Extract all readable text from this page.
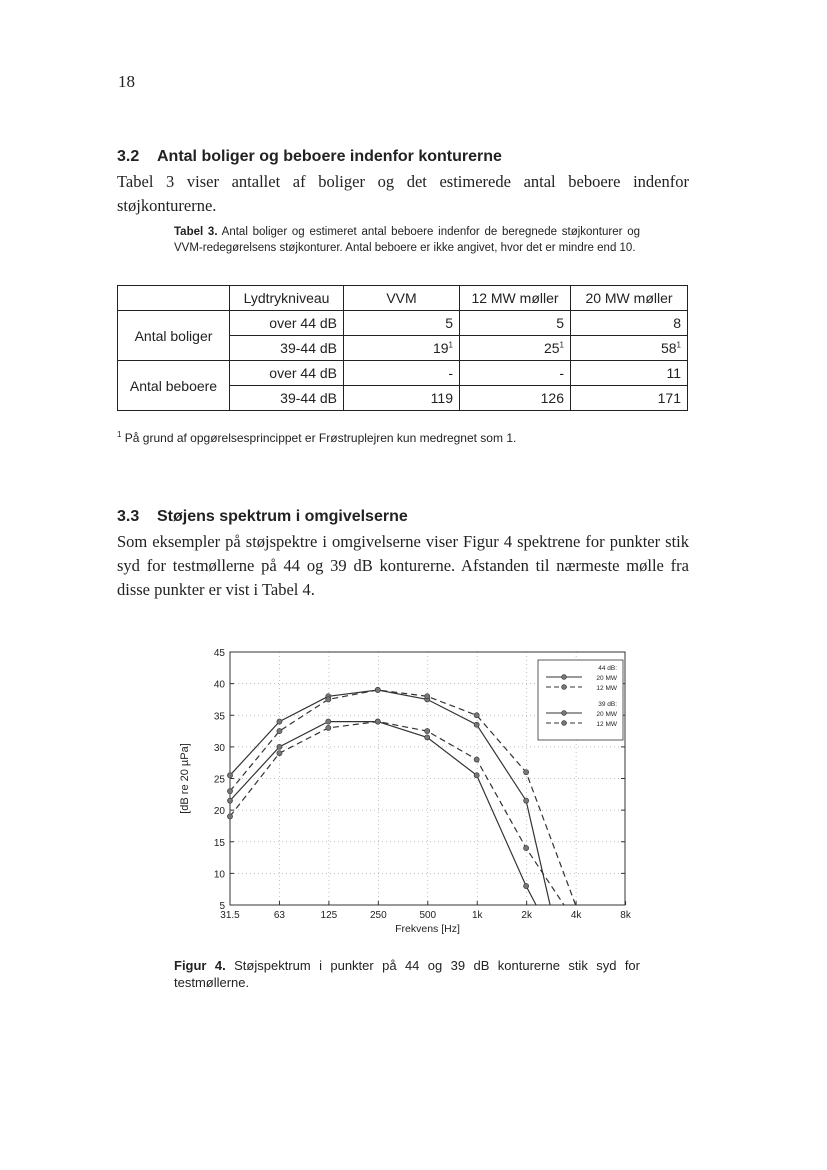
18
3.2 Antal boliger og beboere indenfor konturerne
Tabel 3 viser antallet af boliger og det estimerede antal beboere indenfor støjkonturerne.
Tabel 3. Antal boliger og estimeret antal beboere indenfor de beregnede støjkonturer og VVM-redegørelsens støjkonturer. Antal beboere er ikke angivet, hvor det er mindre end 10.
	Lydtrykniveau	VVM	12 MW møller	20 MW møller
Antal boliger	over 44 dB	5	5	8
	39-44 dB	$19^1$	$25^1$	$58^1$
Antal beboere	over 44 dB	-	-	11
	39-44 dB	119	126	171
$^1$ På grund af opgørelsesprincippet er Frøstruplejren kun medregnet som 1.
3.3 Støjens spektrum i omgivelserne
Som eksempler på støjspektre i omgivelserne viser Figur 4 spektrene for punkter stik syd for testmøllerne på 44 og 39 dB konturerne. Afstanden til nærmeste mølle fra disse punkter er vist i Tabel 4.
31.5	63	125	250	500	1k	2k	4k	8k
5
10
15
20
25
30
35
40
45
Frekvens [Hz]
[dB re 20 µPa]
44 dB:
20 MW
12 MW
39 dB:
20 MW
12 MW
Figur 4. Støjspektrum i punkter på 44 og 39 dB konturerne stik syd for testmøllerne.
